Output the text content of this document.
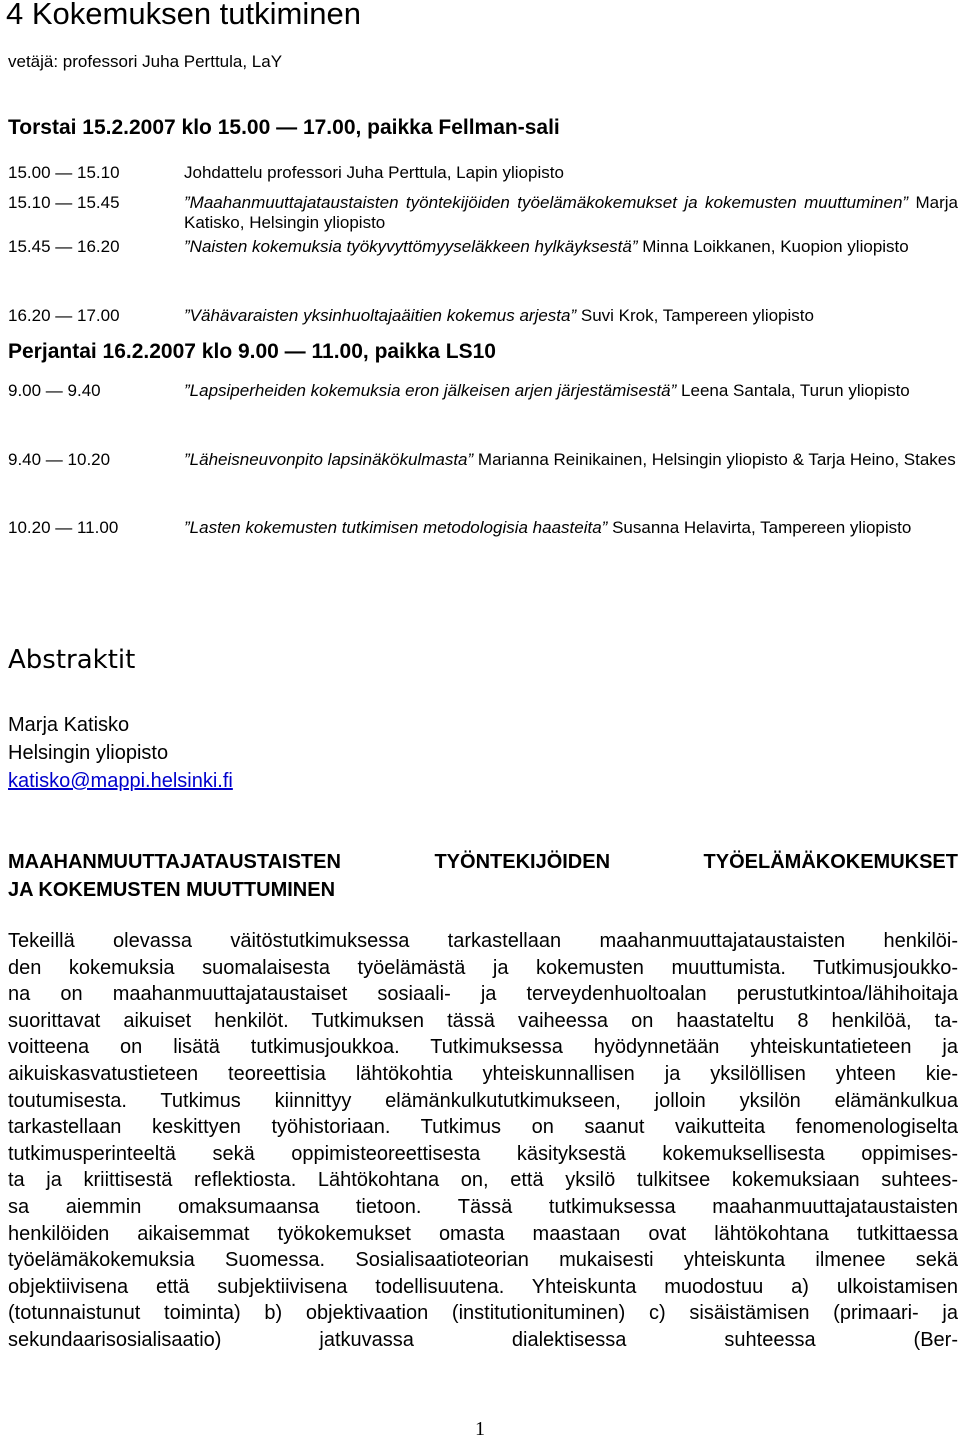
4 Kokemuksen tutkiminen
vetäjä: professori Juha Perttula, LaY
Torstai 15.2.2007 klo 15.00 — 17.00, paikka Fellman-sali
15.00 — 15.10	Johdattelu professori Juha Perttula, Lapin yliopisto
15.10 — 15.45	”Maahanmuuttajataustaisten työntekijöiden työelämäkokemukset ja kokemusten muuttuminen” Marja Katisko, Helsingin yliopisto
15.45 — 16.20	”Naisten kokemuksia työkyvyttömyyseläkkeen hylkäyksestä” Minna Loikkanen, Kuopion yliopisto
16.20 — 17.00	”Vähävaraisten yksinhuoltajaäitien kokemus arjesta” Suvi Krok, Tampereen yliopisto
Perjantai 16.2.2007 klo 9.00 — 11.00, paikka LS10
9.00 — 9.40	”Lapsiperheiden kokemuksia eron jälkeisen arjen järjestämisestä” Leena Santala, Turun yliopisto
9.40 — 10.20	”Läheisneuvonpito lapsinäkökulmasta” Marianna Reinikainen, Helsingin yliopisto & Tarja Heino, Stakes
10.20 — 11.00	”Lasten kokemusten tutkimisen metodologisia haasteita” Susanna Helavirta, Tampereen yliopisto
Abstraktit
Marja Katisko
Helsingin yliopisto
katisko@mappi.helsinki.fi
MAAHANMUUTTAJATAUSTAISTEN	TYÖNTEKIJÖIDEN	TYÖELÄMÄKOKEMUKSET
JA KOKEMUSTEN MUUTTUMINEN
Tekeillä olevassa väitöstutkimuksessa tarkastellaan maahanmuuttajataustaisten henkilöi-
den kokemuksia suomalaisesta työelämästä ja kokemusten muuttumista. Tutkimusjoukko-
na on maahanmuuttajataustaiset sosiaali- ja terveydenhuoltoalan perustutkintoa/lähihoitaja
suorittavat aikuiset henkilöt. Tutkimuksen tässä vaiheessa on haastateltu 8 henkilöä, ta-
voitteena on lisätä tutkimusjoukkoa. Tutkimuksessa hyödynnetään yhteiskuntatieteen ja
aikuiskasvatustieteen teoreettisia lähtökohtia yhteiskunnallisen ja yksilöllisen yhteen kie-
toutumisesta. Tutkimus kiinnittyy elämänkulkututkimukseen, jolloin yksilön elämänkulkua
tarkastellaan keskittyen työhistoriaan. Tutkimus on saanut vaikutteita fenomenologiselta
tutkimusperinteeltä sekä oppimisteoreettisesta käsityksestä kokemuksellisesta oppimises-
ta ja kriittisestä reflektiosta. Lähtökohtana on, että yksilö tulkitsee kokemuksiaan suhtees-
sa aiemmin omaksumaansa tietoon. Tässä tutkimuksessa maahanmuuttajataustaisten
henkilöiden aikaisemmat työkokemukset omasta maastaan ovat lähtökohtana tutkittaessa
työelämäkokemuksia Suomessa. Sosialisaatioteorian mukaisesti yhteiskunta ilmenee sekä
objektiivisena että subjektiivisena todellisuutena. Yhteiskunta muodostuu a) ulkoistamisen
(totunnaistunut toiminta) b) objektivaation (institutionituminen) c) sisäistämisen (primaari- ja
sekundaarisosialisaatio) jatkuvassa dialektisessa suhteessa (Ber-
1
